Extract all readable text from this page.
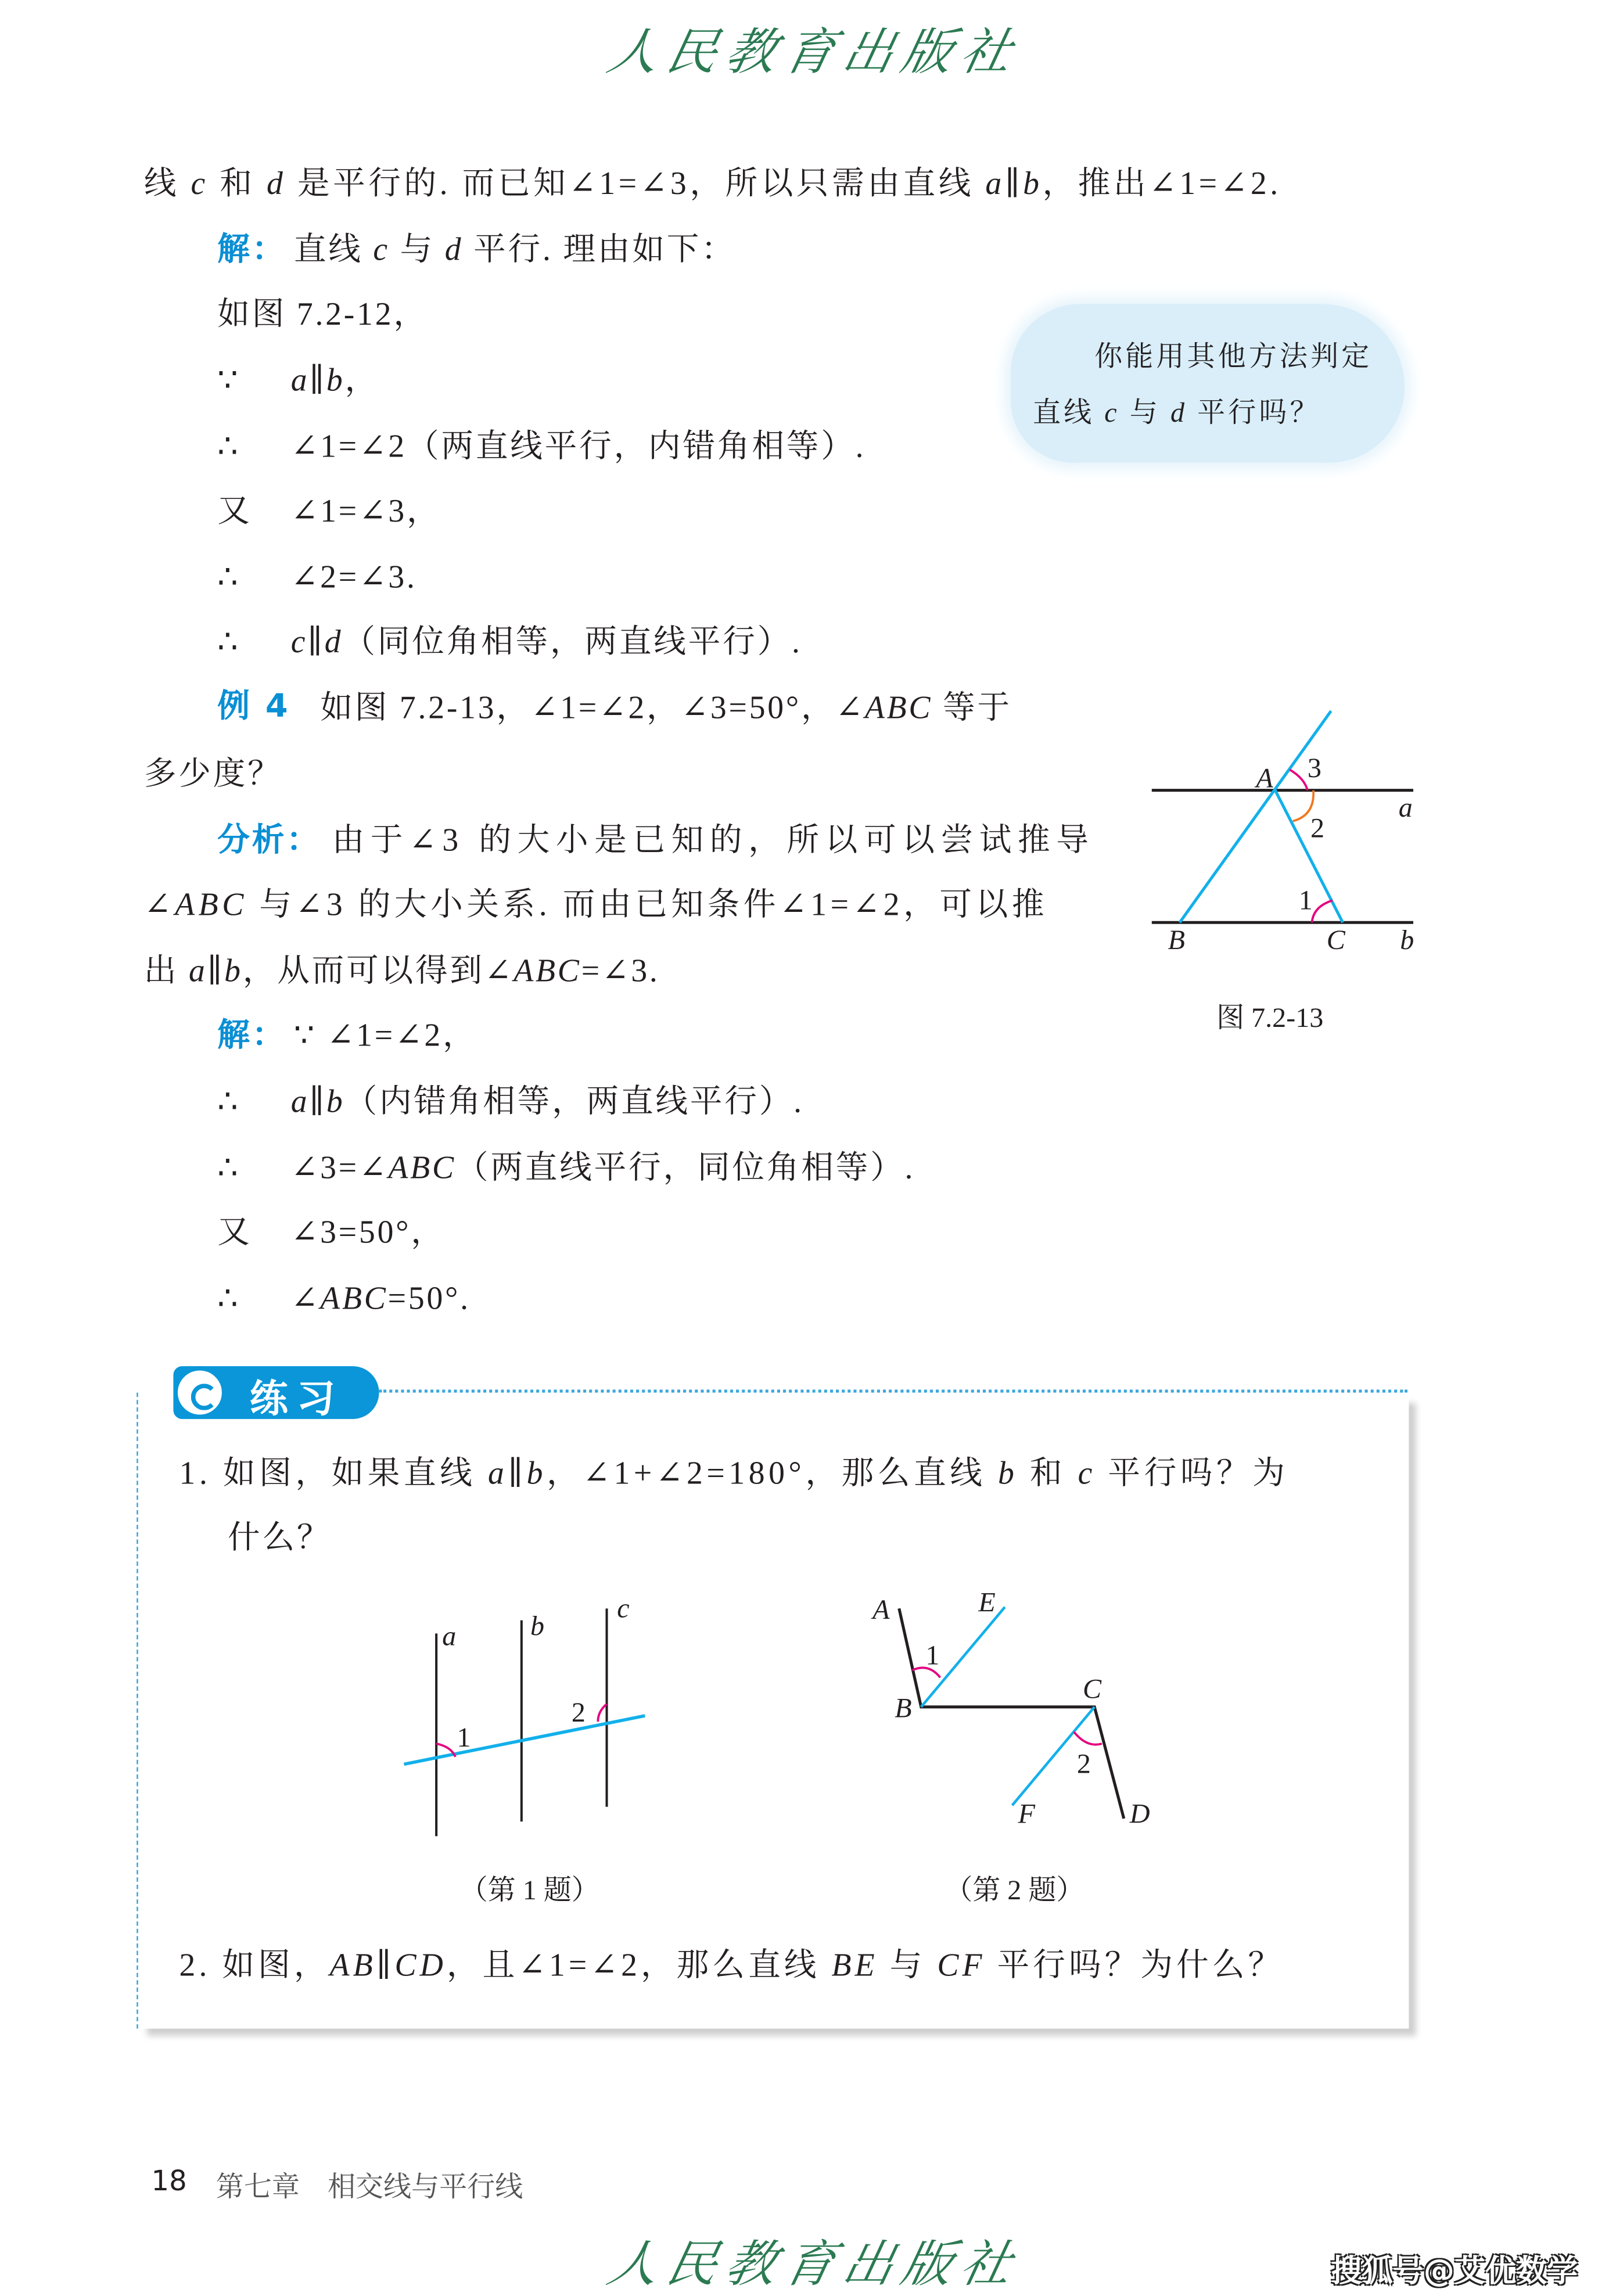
人民教育出版社
线 c 和 d 是平行的. 而已知∠1=∠3，所以只需由直线 a∥b，推出∠1=∠2.
解： 直线 c 与 d 平行. 理由如下：
如图 7.2-12，
∵	a∥b，
∴	∠1=∠2（两直线平行，内错角相等）.
又	∠1=∠3，
∴	∠2=∠3.
∴	c∥d（同位角相等，两直线平行）.
例 4 如图 7.2-13，∠1=∠2，∠3=50°，∠ABC 等于
多少度？
分析： 由于∠3 的大小是已知的，所以可以尝试推导
∠ABC 与∠3 的大小关系. 而由已知条件∠1=∠2，可以推
出 a∥b，从而可以得到∠ABC=∠3.
解： ∵ ∠1=∠2，
∴	a∥b（内错角相等，两直线平行）.
∴	∠3=∠ABC（两直线平行，同位角相等）.
又	∠3=50°，
∴	∠ABC=50°.
你能用其他方法判定
直线 c 与 d 平行吗？
A	3
a
2
1
B	C	b
图 7.2-13
练习
1. 如图，如果直线 a∥b，∠1+∠2=180°，那么直线 b 和 c 平行吗？为
什么？
a	b
c
1
2
（第 1 题）
A	E
1
B
C
2
F	D
（第 2 题）
2. 如图，AB∥CD，且∠1=∠2，那么直线 BE 与 CF 平行吗？为什么？
18	第七章　相交线与平行线
人民教育出版社	搜狐号@艾优数学
